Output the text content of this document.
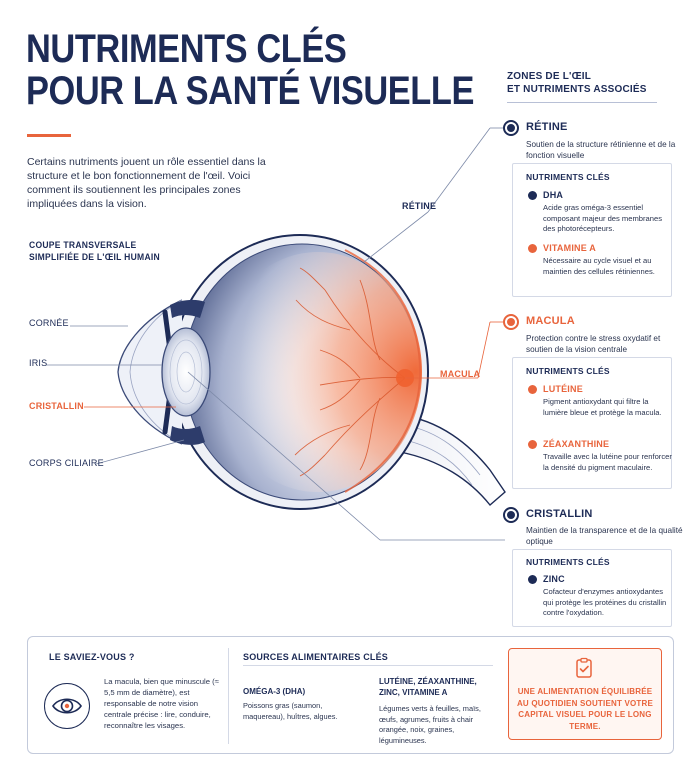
NUTRIMENTS CLÉS
POUR LA SANTÉ VISUELLE

Certains nutriments jouent un rôle essentiel dans la structure et le bon fonctionnement de l'œil. Voici comment ils soutiennent les principales zones impliquées dans la vision.

COUPE TRANSVERSALE
SIMPLIFIÉE DE L'ŒIL HUMAIN
CORNÉE
IRIS
CRISTALLIN
CORPS CILIAIRE
RÉTINE
MACULA
ZONES DE L'ŒIL
ET NUTRIMENTS ASSOCIÉS
RÉTINE
Soutien de la structure rétinienne et de la fonction visuelle
NUTRIMENTS CLÉS
DHA
Acide gras oméga-3 essentiel composant majeur des membranes des photorécepteurs.
VITAMINE A
Nécessaire au cycle visuel et au maintien des cellules rétiniennes.
MACULA
Protection contre le stress oxydatif et soutien de la vision centrale
NUTRIMENTS CLÉS
LUTÉINE
Pigment antioxydant qui filtre la lumière bleue et protège la macula.
ZÉAXANTHINE
Travaille avec la lutéine pour renforcer la densité du pigment maculaire.
CRISTALLIN
Maintien de la transparence et de la qualité optique
NUTRIMENTS CLÉS
ZINC
Cofacteur d'enzymes antioxydantes qui protège les protéines du cristallin contre l'oxydation.
LE SAVIEZ-VOUS ?

La macula, bien que minuscule (≈ 5,5 mm de diamètre), est responsable de notre vision centrale précise : lire, conduire, reconnaître les visages.

SOURCES ALIMENTAIRES CLÉS
OMÉGA-3 (DHA)
Poissons gras (saumon, maquereau), huîtres, algues.
LUTÉINE, ZÉAXANTHINE, ZINC, VITAMINE A
Légumes verts à feuilles, maïs, œufs, agrumes, fruits à chair orangée, noix, graines, légumineuses.
UNE ALIMENTATION ÉQUILIBRÉE AU QUOTIDIEN SOUTIENT VOTRE CAPITAL VISUEL POUR LE LONG TERME.
